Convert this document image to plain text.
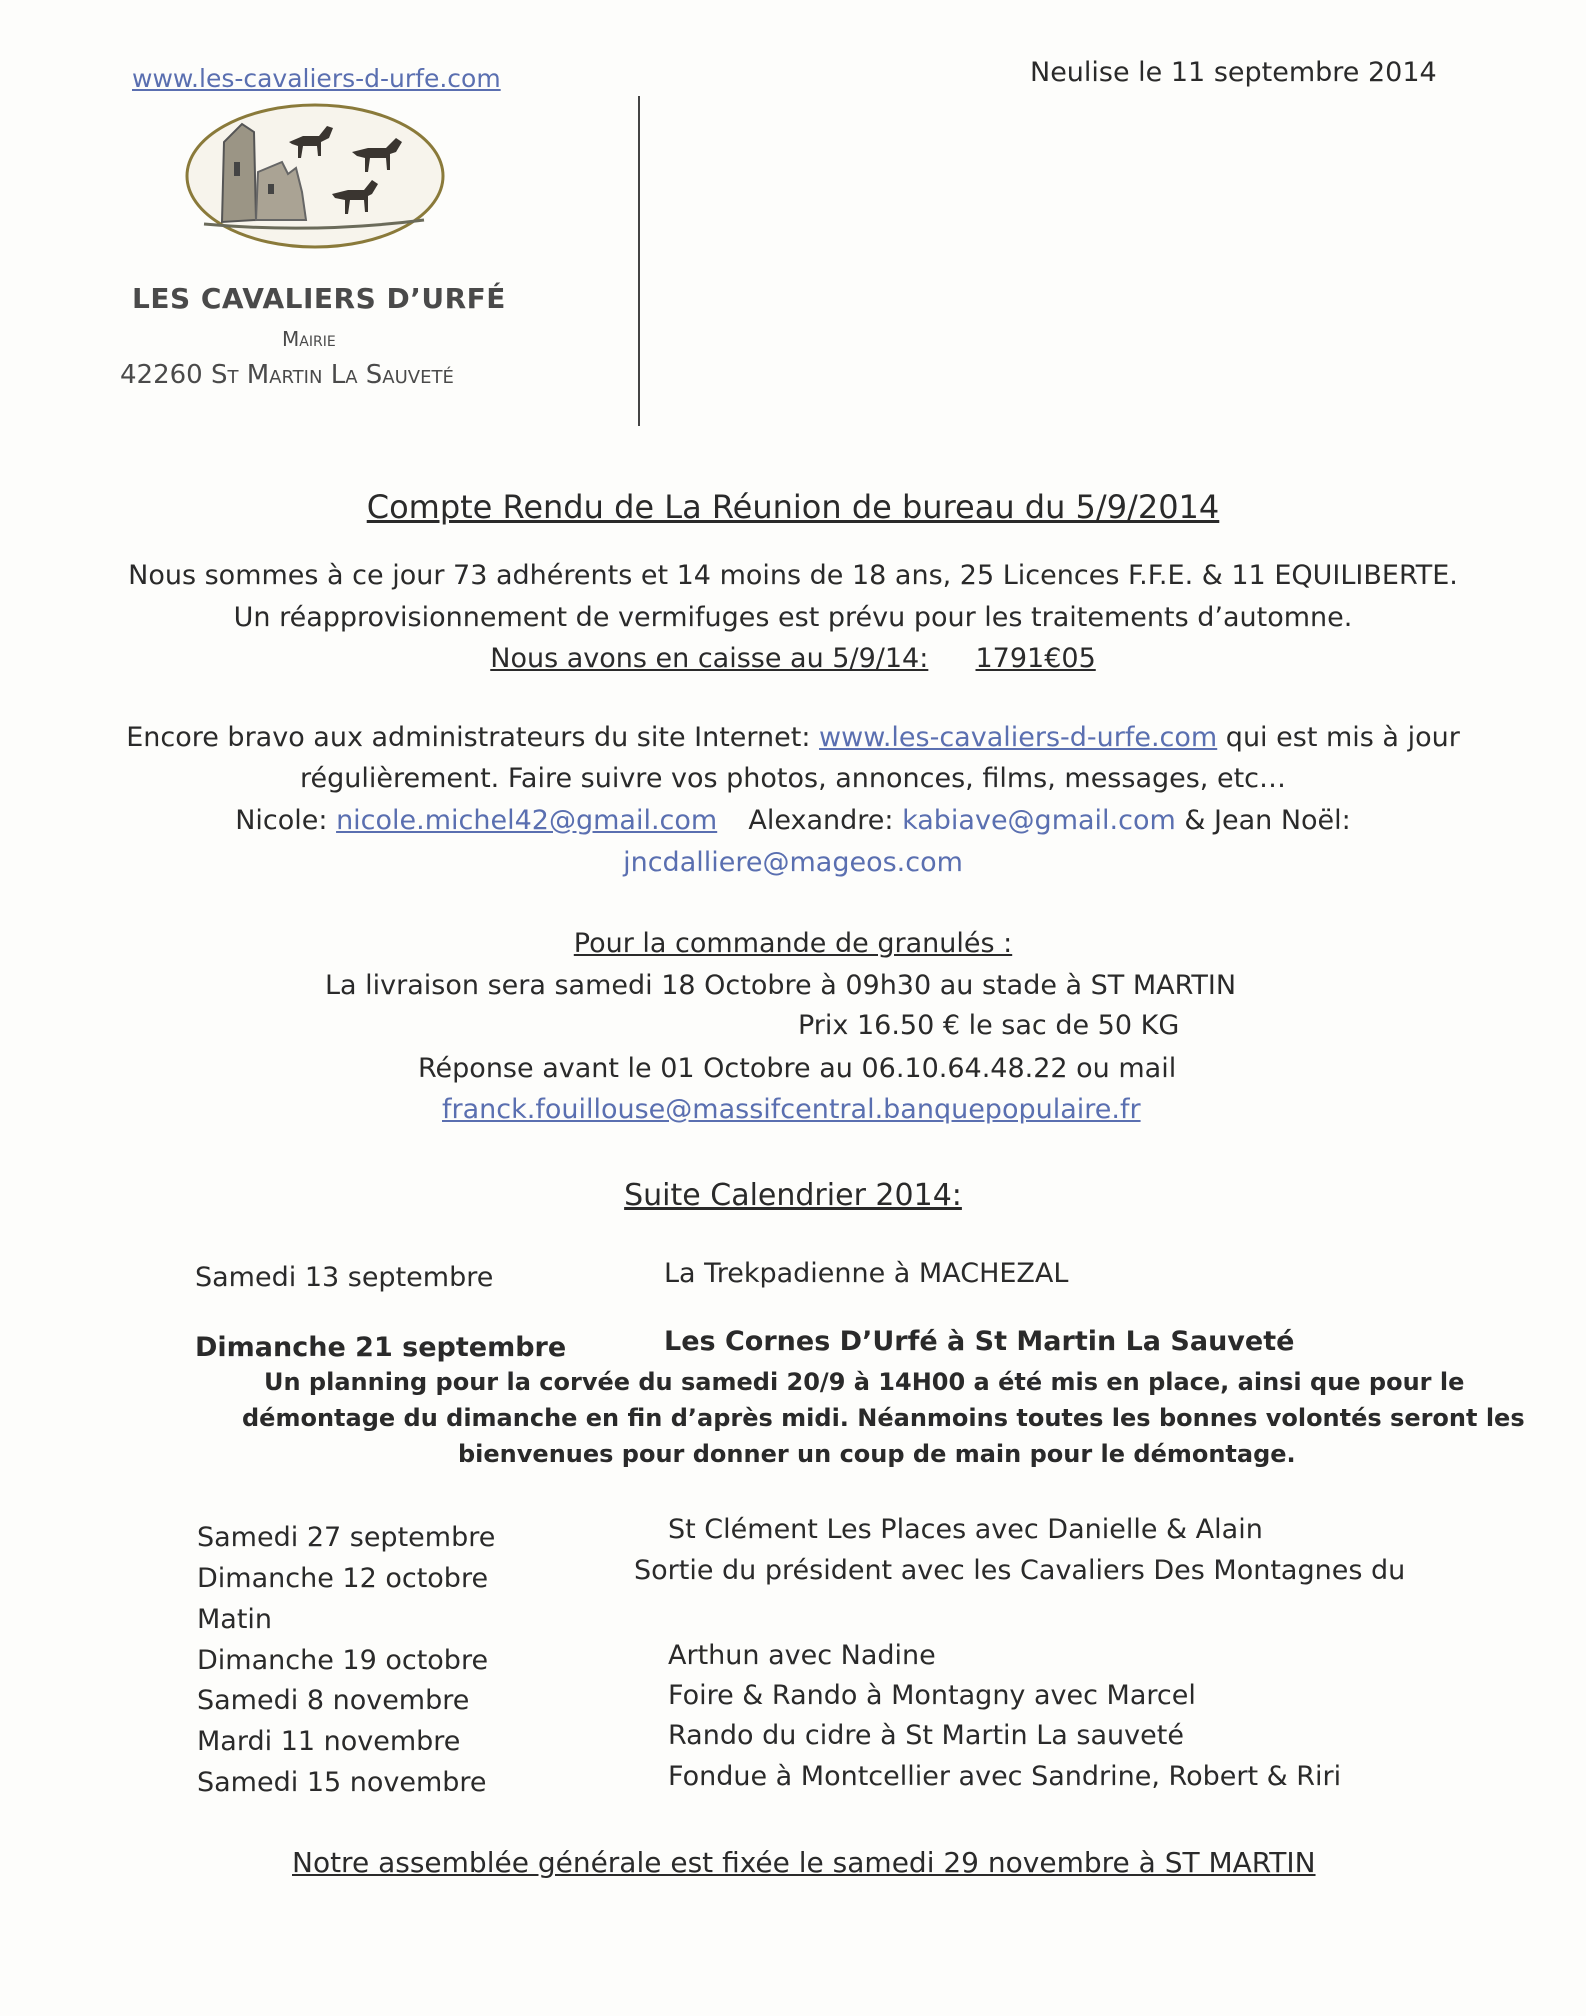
www.les-cavaliers-d-urfe.com
LES CAVALIERS D’URFÉ
Mairie
42260 St Martin La Sauveté
Neulise le 11 septembre 2014
Compte Rendu de La Réunion de bureau du 5/9/2014
Nous sommes à ce jour 73 adhérents et 14 moins de 18 ans, 25 Licences F.F.E. & 11 EQUILIBERTE.
Un réapprovisionnement de vermifuges est prévu pour les traitements d’automne.
Nous avons en caisse au 5/9/14: 1791€05
Encore bravo aux administrateurs du site Internet: www.les-cavaliers-d-urfe.com qui est mis à jour
régulièrement. Faire suivre vos photos, annonces, films, messages, etc…
Nicole: nicole.michel42@gmail.com Alexandre: kabiave@gmail.com & Jean Noël:
jncdalliere@mageos.com
Pour la commande de granulés :
La livraison sera samedi 18 Octobre à 09h30 au stade à ST MARTIN
Prix 16.50 € le sac de 50 KG
Réponse avant le 01 Octobre au 06.10.64.48.22 ou mail
franck.fouillouse@massifcentral.banquepopulaire.fr
Suite Calendrier 2014:
Samedi 13 septembre	La Trekpadienne à MACHEZAL
Dimanche 21 septembre	Les Cornes D’Urfé à St Martin La Sauveté
Un planning pour la corvée du samedi 20/9 à 14H00 a été mis en place, ainsi que pour le
démontage du dimanche en fin d’après midi. Néanmoins toutes les bonnes volontés seront les
bienvenues pour donner un coup de main pour le démontage.
Samedi 27 septembre	St Clément Les Places avec Danielle & Alain
Dimanche 12 octobre	Sortie du président avec les Cavaliers Des Montagnes du
Matin
Dimanche 19 octobre	Arthun avec Nadine
Samedi 8 novembre	Foire & Rando à Montagny avec Marcel
Mardi 11 novembre	Rando du cidre à St Martin La sauveté
Samedi 15 novembre	Fondue à Montcellier avec Sandrine, Robert & Riri
Notre assemblée générale est fixée le samedi 29 novembre à ST MARTIN
